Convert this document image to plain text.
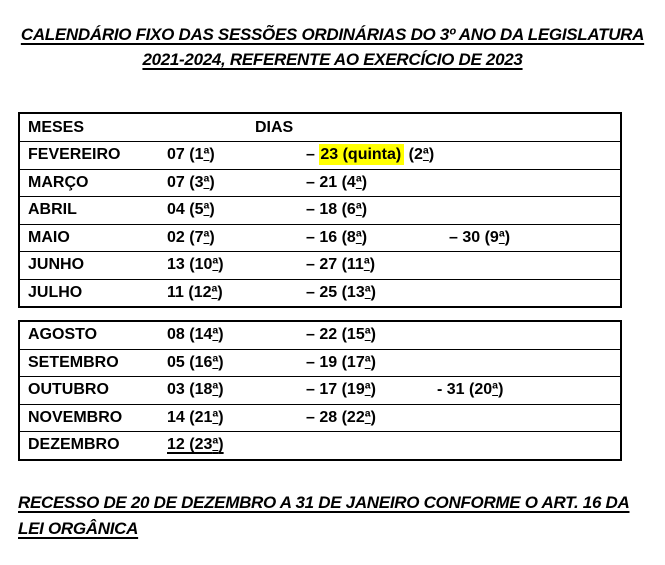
CALENDÁRIO FIXO DAS SESSÕES ORDINÁRIAS DO 3º ANO DA LEGISLATURA
2021-2024, REFERENTE AO EXERCÍCIO DE 2023
MESES	DIAS
FEVEREIRO	07 (1ª)	– 23 (quinta) (2ª)
MARÇO	07 (3ª)	– 21 (4ª)
ABRIL	04 (5ª)	– 18 (6ª)
MAIO	02 (7ª)	– 16 (8ª)	– 30 (9ª)
JUNHO	13 (10ª)	– 27 (11ª)
JULHO	11 (12ª)	– 25 (13ª)
AGOSTO	08 (14ª)	– 22 (15ª)
SETEMBRO	05 (16ª)	– 19 (17ª)
OUTUBRO	03 (18ª)	– 17 (19ª)	- 31 (20ª)
NOVEMBRO	14 (21ª)	– 28 (22ª)
DEZEMBRO	12 (23ª)
RECESSO DE 20 DE DEZEMBRO A 31 DE JANEIRO CONFORME O ART. 16 DA
LEI ORGÂNICA
